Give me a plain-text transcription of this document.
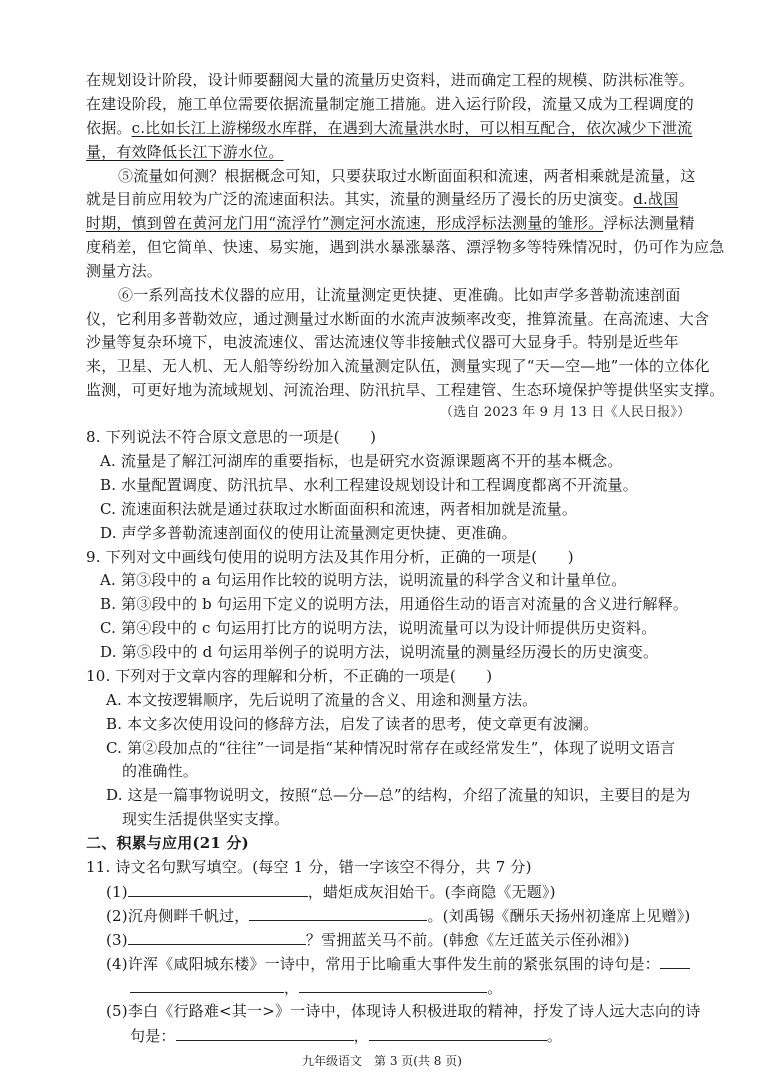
在规划设计阶段，设计师要翻阅大量的流量历史资料，进而确定工程的规模、防洪标准等。
在建设阶段，施工单位需要依据流量制定施工措施。进入运行阶段，流量又成为工程调度的
依据。c.比如长江上游梯级水库群，在遇到大流量洪水时，可以相互配合，依次减少下泄流
量，有效降低长江下游水位。
⑤流量如何测？根据概念可知，只要获取过水断面面积和流速，两者相乘就是流量，这
就是目前应用较为广泛的流速面积法。其实，流量的测量经历了漫长的历史演变。d.战国
时期，慎到曾在黄河龙门用“流浮竹”测定河水流速，形成浮标法测量的雏形。浮标法测量精
度稍差，但它简单、快速、易实施，遇到洪水暴涨暴落、漂浮物多等特殊情况时，仍可作为应急
测量方法。
⑥一系列高技术仪器的应用，让流量测定更快捷、更准确。比如声学多普勒流速剖面
仪，它利用多普勒效应，通过测量过水断面的水流声波频率改变，推算流量。在高流速、大含
沙量等复杂环境下，电波流速仪、雷达流速仪等非接触式仪器可大显身手。特别是近些年
来，卫星、无人机、无人船等纷纷加入流量测定队伍，测量实现了“天—空—地”一体的立体化
监测，可更好地为流域规划、河流治理、防汛抗旱、工程建管、生态环境保护等提供坚实支撑。
（选自 2023 年 9 月 13 日《人民日报》）
8. 下列说法不符合原文意思的一项是(　　)
A. 流量是了解江河湖库的重要指标，也是研究水资源课题离不开的基本概念。
B. 水量配置调度、防汛抗旱、水利工程建设规划设计和工程调度都离不开流量。
C. 流速面积法就是通过获取过水断面面积和流速，两者相加就是流量。
D. 声学多普勒流速剖面仪的使用让流量测定更快捷、更准确。
9. 下列对文中画线句使用的说明方法及其作用分析，正确的一项是(　　)
A. 第③段中的 a 句运用作比较的说明方法，说明流量的科学含义和计量单位。
B. 第③段中的 b 句运用下定义的说明方法，用通俗生动的语言对流量的含义进行解释。
C. 第④段中的 c 句运用打比方的说明方法，说明流量可以为设计师提供历史资料。
D. 第⑤段中的 d 句运用举例子的说明方法，说明流量的测量经历漫长的历史演变。
10. 下列对于文章内容的理解和分析，不正确的一项是(　　)
A. 本文按逻辑顺序，先后说明了流量的含义、用途和测量方法。
B. 本文多次使用设问的修辞方法，启发了读者的思考，使文章更有波澜。
C. 第②段加点的“往往”一词是指“某种情况时常存在或经常发生”，体现了说明文语言
的准确性。
D. 这是一篇事物说明文，按照“总—分—总”的结构，介绍了流量的知识，主要目的是为
现实生活提供坚实支撑。
二、积累与应用(21 分)
11. 诗文名句默写填空。(每空 1 分，错一字该空不得分，共 7 分)
(1)	，蜡炬成灰泪始干。(李商隐《无题》)
(2)沉舟侧畔千帆过，	。(刘禹锡《酬乐天扬州初逢席上见赠》)
(3)	？雪拥蓝关马不前。(韩愈《左迁蓝关示侄孙湘》)
(4)许浑《咸阳城东楼》一诗中，常用于比喻重大事件发生前的紧张氛围的诗句是：
，	。
(5)李白《行路难<其一>》一诗中，体现诗人积极进取的精神，抒发了诗人远大志向的诗
句是：	，	。
九年级语文　第 3 页(共 8 页)
